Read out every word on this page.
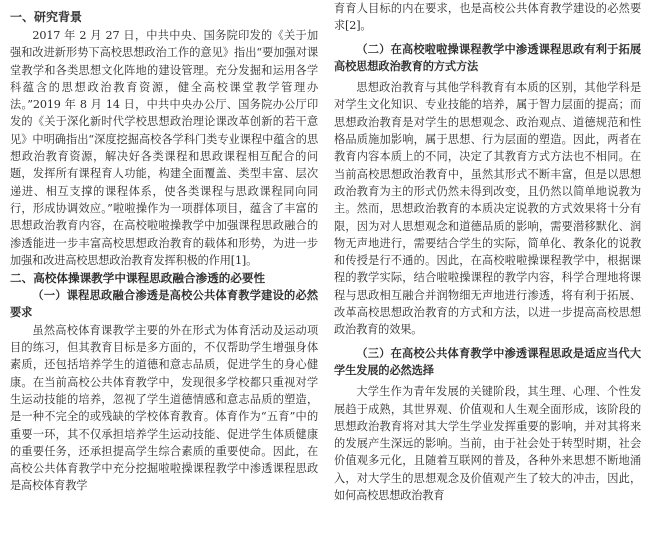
一、研究背景

2017 年 2 月 27 日，中共中央、国务院印发的《关于加强和改进新形势下高校思想政治工作的意见》指出“要加强对课堂教学和各类思想文化阵地的建设管理。充分发掘和运用各学科蕴含的思想政治教育资源，健全高校课堂教学管理办法。”2019 年 8 月 14 日，中共中央办公厅、国务院办公厅印发的《关于深化新时代学校思想政治理论课改革创新的若干意见》中明确指出“深度挖掘高校各学科门类专业课程中蕴含的思想政治教育资源，解决好各类课程和思政课程相互配合的问题，发挥所有课程育人功能，构建全面覆盖、类型丰富、层次递进、相互支撑的课程体系，使各类课程与思政课程同向同行，形成协调效应。”啦啦操作为一项群体项目，蕴含了丰富的思想政治教育内容，在高校啦啦操教学中加强课程思政融合的渗透能进一步丰富高校思想政治教育的载体和形势，为进一步加强和改进高校思想政治教育发挥积极的作用[1]。

二、高校体操课教学中课程思政融合渗透的必要性
（一）课程思政融合渗透是高校公共体育教学建设的必然要求

虽然高校体育课教学主要的外在形式为体育活动及运动项目的练习，但其教育目标是多方面的，不仅帮助学生增强身体素质，还包括培养学生的道德和意志品质，促进学生的身心健康。在当前高校公共体育教学中，发现很多学校都只重视对学生运动技能的培养，忽视了学生道德情感和意志品质的塑造，是一种不完全的或残缺的学校体育教育。体育作为“五育”中的重要一环，其不仅承担培养学生运动技能、促进学生体质健康的重要任务，还承担提高学生综合素质的重要使命。因此，在高校公共体育教学中充分挖掘啦啦操课程教学中渗透课程思政是高校体育教学

育育人目标的内在要求，也是高校公共体育教学建设的必然要求[2]。

（二）在高校啦啦操课程教学中渗透课程思政有利于拓展高校思想政治教育的方式方法

思想政治教育与其他学科教育有本质的区别，其他学科是对学生文化知识、专业技能的培养，属于智力层面的提高；而思想政治教育是对学生的思想观念、政治观点、道德规范和性格品质施加影响，属于思想、行为层面的塑造。因此，两者在教育内容本质上的不同，决定了其教育方式方法也不相同。在当前高校思想政治教育中，虽然其形式不断丰富，但是以思想政治教育为主的形式仍然未得到改变，且仍然以简单地说教为主。然而，思想政治教育的本质决定说教的方式效果将十分有限，因为对人思想观念和道德品质的影响，需要潜移默化、润物无声地进行，需要结合学生的实际，简单化、教条化的说教和传授是行不通的。因此，在高校啦啦操课程教学中，根据课程的教学实际，结合啦啦操课程的教学内容，科学合理地将课程与思政相互融合并润物细无声地进行渗透，将有利于拓展、改革高校思想政治教育的方式和方法，以进一步提高高校思想政治教育的效果。

（三）在高校公共体育教学中渗透课程思政是适应当代大学生发展的必然选择

大学生作为青年发展的关键阶段，其生理、心理、个性发展趋于成熟，其世界观、价值观和人生观全面形成，该阶段的思想政治教育将对其大学生学业发挥重要的影响，并对其将来的发展产生深远的影响。当前，由于社会处于转型时期，社会价值观多元化，且随着互联网的普及，各种外来思想不断地涌入，对大学生的思想观念及价值观产生了较大的冲击，因此，如何高校思想政治教育
